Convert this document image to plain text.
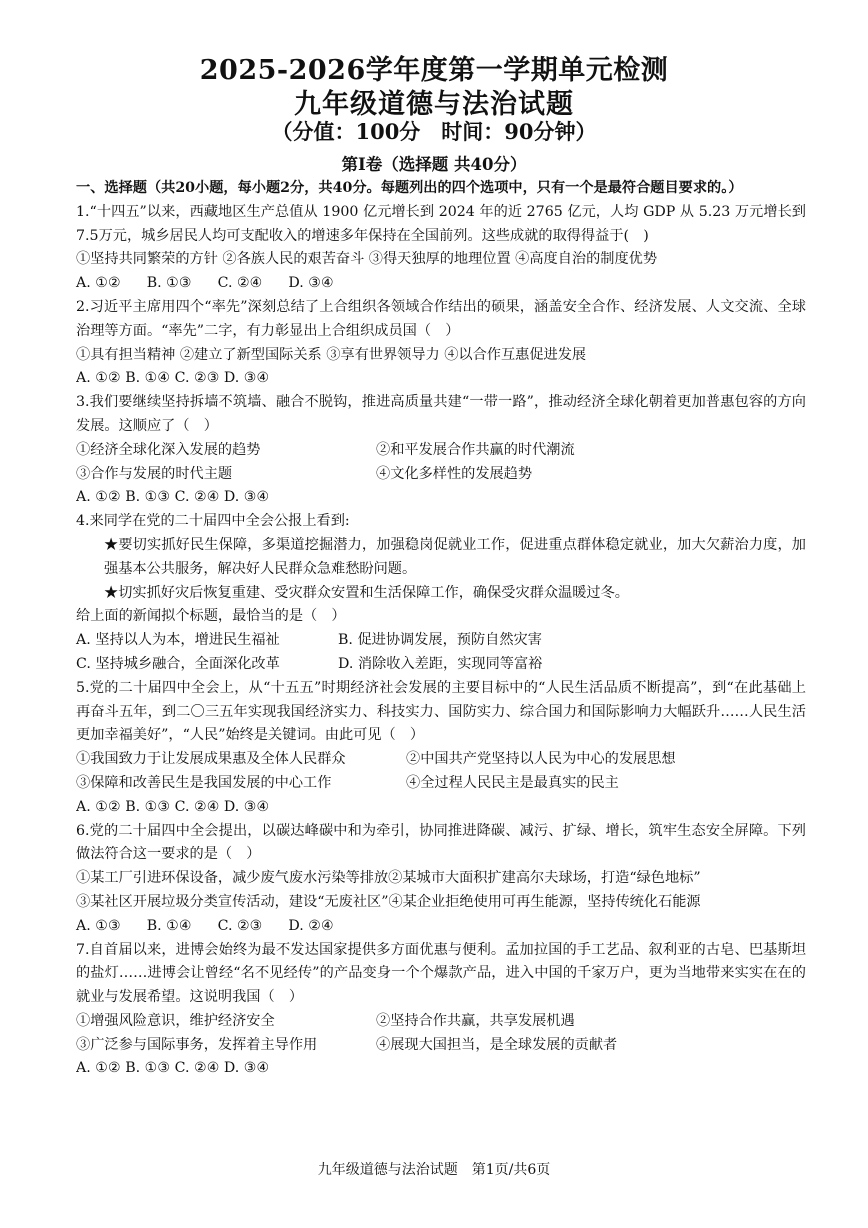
2025-2026学年度第一学期单元检测
九年级道德与法治试题
（分值：100分　时间：90分钟）
第Ⅰ卷（选择题 共40分）
一、选择题（共20小题，每小题2分，共40分。每题列出的四个选项中，只有一个是最符合题目要求的。）
1.“十四五”以来，西藏地区生产总值从 1900 亿元增长到 2024 年的近 2765 亿元，人均 GDP 从 5.23 万元增长到 7.5万元，城乡居民人均可支配收入的增速多年保持在全国前列。这些成就的取得得益于(　)
①坚持共同繁荣的方针 ②各族人民的艰苦奋斗 ③得天独厚的地理位置 ④高度自治的制度优势
A. ①② B. ①③ C. ②④ D. ③④
2.习近平主席用四个“率先”深刻总结了上合组织各领域合作结出的硕果，涵盖安全合作、经济发展、人文交流、全球治理等方面。“率先”二字，有力彰显出上合组织成员国（　）
①具有担当精神 ②建立了新型国际关系 ③享有世界领导力 ④以合作互惠促进发展
A. ①② B. ①④ C. ②③ D. ③④
3.我们要继续坚持拆墙不筑墙、融合不脱钩，推进高质量共建“一带一路”，推动经济全球化朝着更加普惠包容的方向发展。这顺应了（　）
①经济全球化深入发展的趋势	②和平发展合作共赢的时代潮流
③合作与发展的时代主题	④文化多样性的发展趋势
A. ①② B. ①③ C. ②④ D. ③④
4.来同学在党的二十届四中全会公报上看到:
★要切实抓好民生保障，多渠道挖掘潜力，加强稳岗促就业工作，促进重点群体稳定就业，加大欠薪治力度，加强基本公共服务，解决好人民群众急难愁盼问题。
★切实抓好灾后恢复重建、受灾群众安置和生活保障工作，确保受灾群众温暖过冬。
给上面的新闻拟个标题，最恰当的是（　）
A. 坚持以人为本，增进民生福祉	B. 促进协调发展，预防自然灾害
C. 坚持城乡融合，全面深化改革	D. 消除收入差距，实现同等富裕
5.党的二十届四中全会上，从“十五五”时期经济社会发展的主要目标中的“人民生活品质不断提高”，到“在此基础上再奋斗五年，到二〇三五年实现我国经济实力、科技实力、国防实力、综合国力和国际影响力大幅跃升……人民生活更加幸福美好”，“人民”始终是关键词。由此可见（　）
①我国致力于让发展成果惠及全体人民群众	②中国共产党坚持以人民为中心的发展思想
③保障和改善民生是我国发展的中心工作	④全过程人民民主是最真实的民主
A. ①② B. ①③ C. ②④ D. ③④
6.党的二十届四中全会提出，以碳达峰碳中和为牵引，协同推进降碳、减污、扩绿、增长，筑牢生态安全屏障。下列做法符合这一要求的是（　）
①某工厂引进环保设备，减少废气废水污染等排放②某城市大面积扩建高尔夫球场，打造“绿色地标”
③某社区开展垃圾分类宣传活动，建设“无废社区”④某企业拒绝使用可再生能源，坚持传统化石能源
A. ①③ B. ①④ C. ②③ D. ②④
7.自首届以来，进博会始终为最不发达国家提供多方面优惠与便利。孟加拉国的手工艺品、叙利亚的古皂、巴基斯坦的盐灯……进博会让曾经“名不见经传”的产品变身一个个爆款产品，进入中国的千家万户，更为当地带来实实在在的就业与发展希望。这说明我国（　）
①增强风险意识，维护经济安全	②坚持合作共赢，共享发展机遇
③广泛参与国际事务，发挥着主导作用	④展现大国担当，是全球发展的贡献者
A. ①② B. ①③ C. ②④ D. ③④
九年级道德与法治试题　第1页/共6页
